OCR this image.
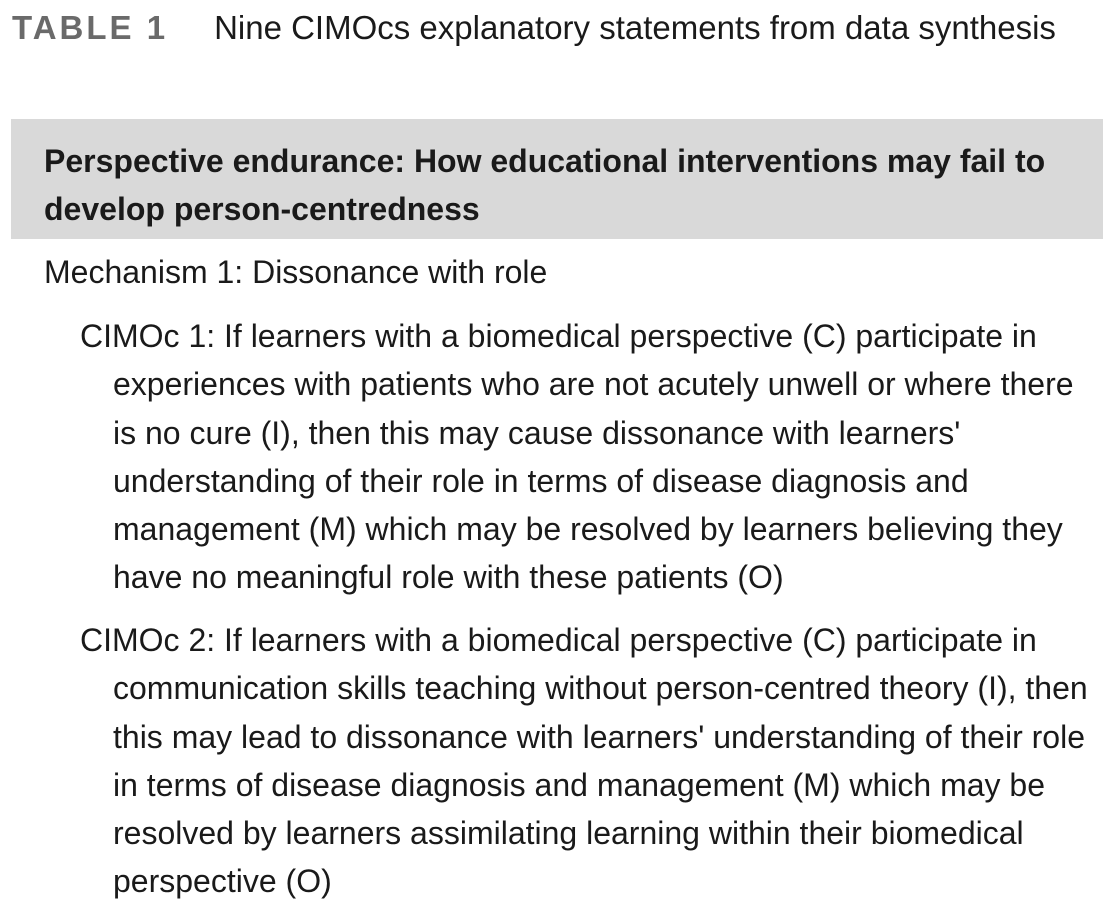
TABLE 1 Nine CIMOcs explanatory statements from data synthesis
Perspective endurance: How educational interventions may fail to develop person-centredness
Mechanism 1: Dissonance with role
CIMOc 1: If learners with a biomedical perspective (C) participate in experiences with patients who are not acutely unwell or where there is no cure (I), then this may cause dissonance with learners' understanding of their role in terms of disease diagnosis and management (M) which may be resolved by learners believing they have no meaningful role with these patients (O)
CIMOc 2: If learners with a biomedical perspective (C) participate in communication skills teaching without person-centred theory (I), then this may lead to dissonance with learners' understanding of their role in terms of disease diagnosis and management (M) which may be resolved by learners assimilating learning within their biomedical perspective (O)
